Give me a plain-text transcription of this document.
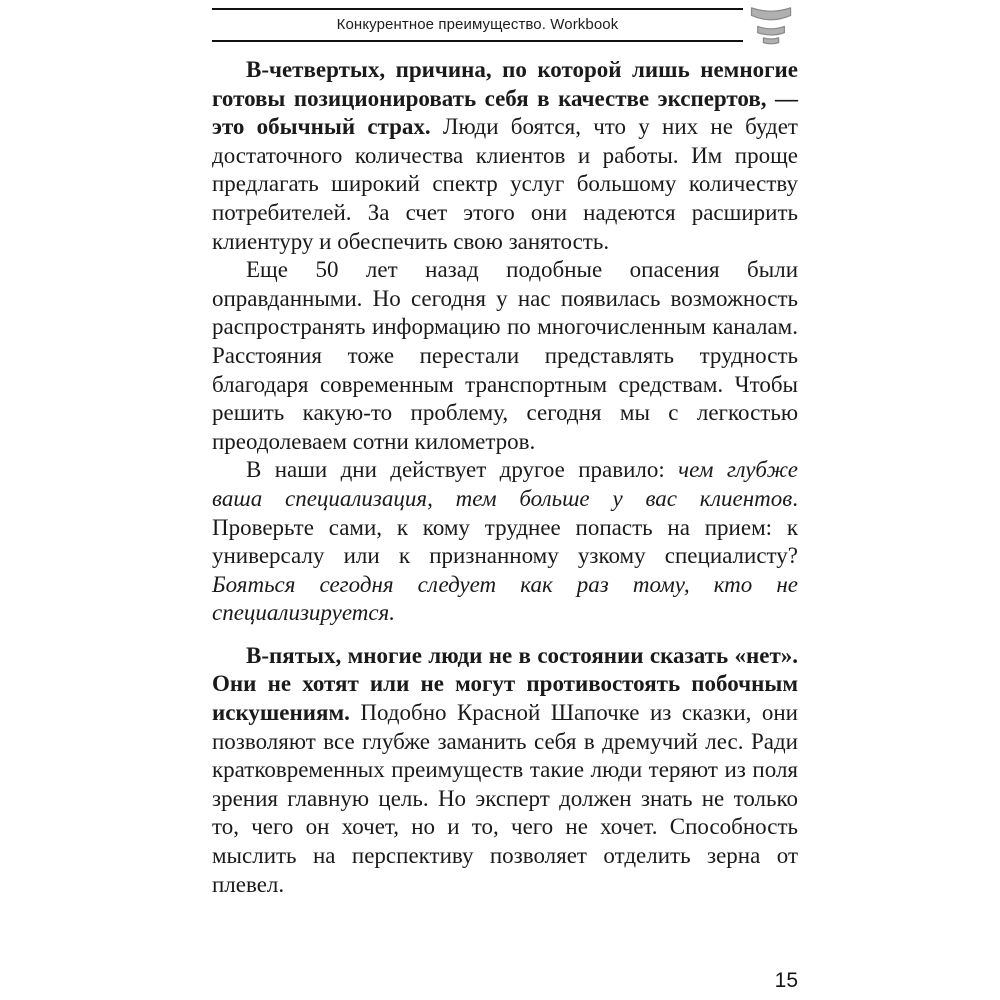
Конкурентное преимущество. Workbook

В-четвертых, причина, по которой лишь немногие готовы позиционировать себя в качестве экспертов, — это обычный страх. Люди боятся, что у них не будет достаточного количества клиентов и работы. Им проще предлагать широкий спектр услуг большому количеству потребителей. За счет этого они надеются расширить клиентуру и обеспечить свою занятость.

Еще 50 лет назад подобные опасения были оправданными. Но сегодня у нас появилась возможность распространять информацию по многочисленным каналам. Расстояния тоже перестали представлять трудность благодаря современным транспортным средствам. Чтобы решить какую-то проблему, сегодня мы с легкостью преодолеваем сотни километров.

В наши дни действует другое правило: чем глубже ваша специализация, тем больше у вас клиентов. Проверьте сами, к кому труднее попасть на прием: к универсалу или к признанному узкому специалисту? Бояться сегодня следует как раз тому, кто не специализируется.

В-пятых, многие люди не в состоянии сказать «нет». Они не хотят или не могут противостоять побочным искушениям. Подобно Красной Шапочке из сказки, они позволяют все глубже заманить себя в дремучий лес. Ради кратковременных преимуществ такие люди теряют из поля зрения главную цель. Но эксперт должен знать не только то, чего он хочет, но и то, чего не хочет. Способность мыслить на перспективу позволяет отделить зерна от плевел.

15
